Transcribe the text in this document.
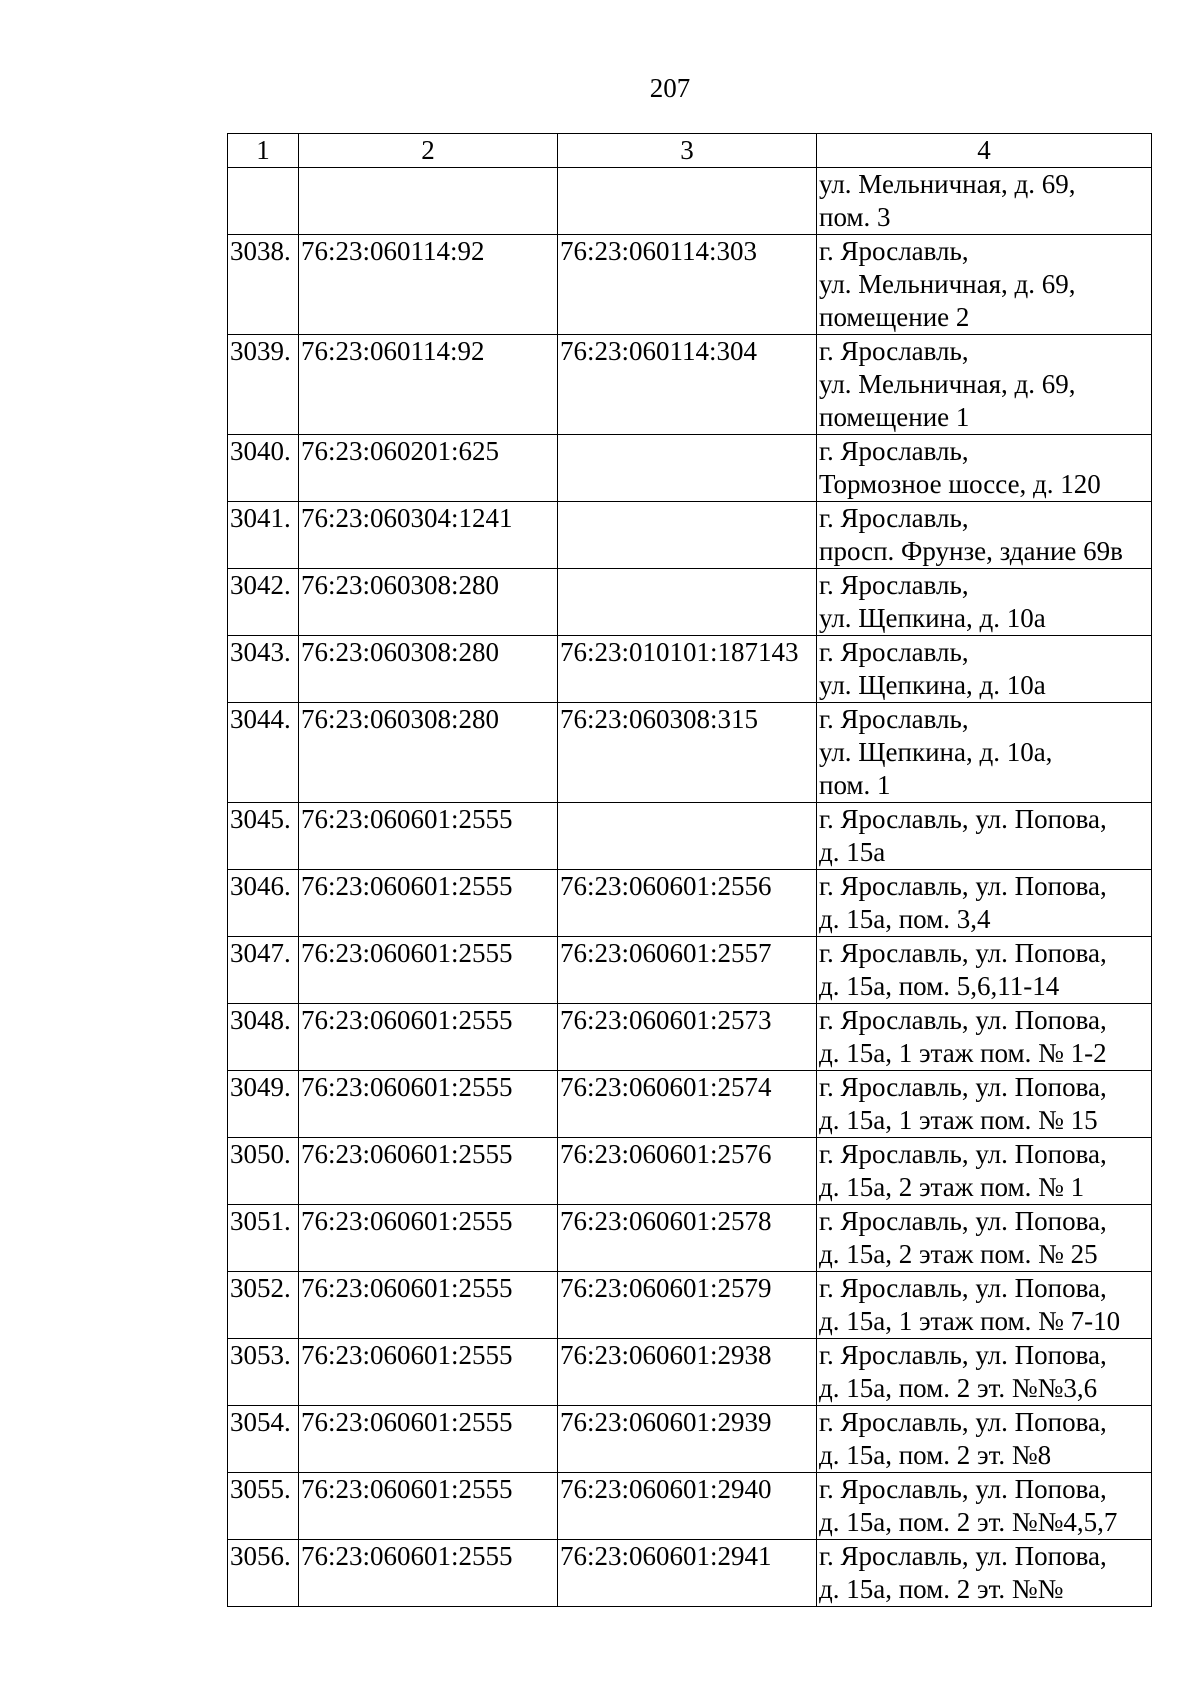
207
1	2	3	4

			ул. Мельничная, д. 69,
пом. 3

3038.	76:23:060114:92	76:23:060114:303	г. Ярославль,
ул. Мельничная, д. 69,
помещение 2

3039.	76:23:060114:92	76:23:060114:304	г. Ярославль,
ул. Мельничная, д. 69,
помещение 1

3040.	76:23:060201:625		г. Ярославль,
Тормозное шоссе, д. 120

3041.	76:23:060304:1241		г. Ярославль,
просп. Фрунзе, здание 69в

3042.	76:23:060308:280		г. Ярославль,
ул. Щепкина, д. 10а

3043.	76:23:060308:280	76:23:010101:187143	г. Ярославль,
ул. Щепкина, д. 10а

3044.	76:23:060308:280	76:23:060308:315	г. Ярославль,
ул. Щепкина, д. 10а,
пом. 1

3045.	76:23:060601:2555		г. Ярославль, ул. Попова,
д. 15а

3046.	76:23:060601:2555	76:23:060601:2556	г. Ярославль, ул. Попова,
д. 15а, пом. 3,4

3047.	76:23:060601:2555	76:23:060601:2557	г. Ярославль, ул. Попова,
д. 15а, пом. 5,6,11-14

3048.	76:23:060601:2555	76:23:060601:2573	г. Ярославль, ул. Попова,
д. 15а, 1 этаж пом. № 1-2

3049.	76:23:060601:2555	76:23:060601:2574	г. Ярославль, ул. Попова,
д. 15а, 1 этаж пом. № 15

3050.	76:23:060601:2555	76:23:060601:2576	г. Ярославль, ул. Попова,
д. 15а, 2 этаж пом. № 1

3051.	76:23:060601:2555	76:23:060601:2578	г. Ярославль, ул. Попова,
д. 15а, 2 этаж пом. № 25

3052.	76:23:060601:2555	76:23:060601:2579	г. Ярославль, ул. Попова,
д. 15а, 1 этаж пом. № 7-10

3053.	76:23:060601:2555	76:23:060601:2938	г. Ярославль, ул. Попова,
д. 15а, пом. 2 эт. №№3,6

3054.	76:23:060601:2555	76:23:060601:2939	г. Ярославль, ул. Попова,
д. 15а, пом. 2 эт. №8

3055.	76:23:060601:2555	76:23:060601:2940	г. Ярославль, ул. Попова,
д. 15а, пом. 2 эт. №№4,5,7

3056.	76:23:060601:2555	76:23:060601:2941	г. Ярославль, ул. Попова,
д. 15а, пом. 2 эт. №№
